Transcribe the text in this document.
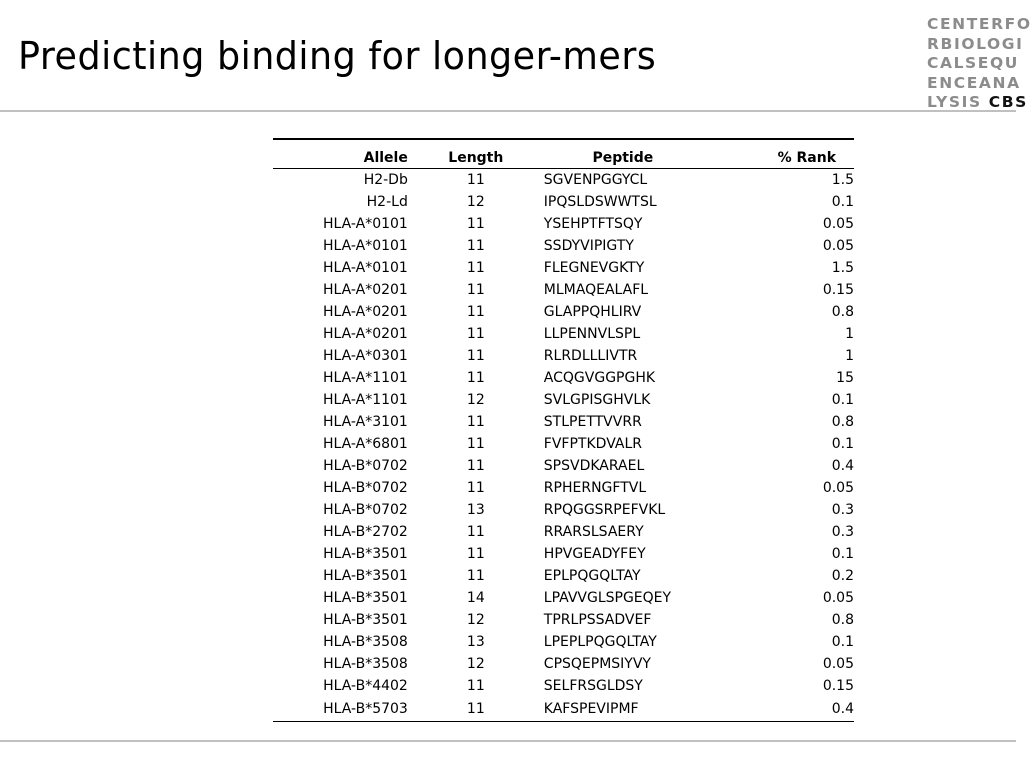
Predicting binding for longer-mers
CENTERFO
RBIOLOGI
CALSEQU
ENCEANA
LYSIS CBS
Allele	Length	Peptide	% Rank
H2-Db	11	SGVENPGGYCL	1.5
H2-Ld	12	IPQSLDSWWTSL	0.1
HLA-A*0101	11	YSEHPTFTSQY	0.05
HLA-A*0101	11	SSDYVIPIGTY	0.05
HLA-A*0101	11	FLEGNEVGKTY	1.5
HLA-A*0201	11	MLMAQEALAFL	0.15
HLA-A*0201	11	GLAPPQHLIRV	0.8
HLA-A*0201	11	LLPENNVLSPL	1
HLA-A*0301	11	RLRDLLLIVTR	1
HLA-A*1101	11	ACQGVGGPGHK	15
HLA-A*1101	12	SVLGPISGHVLK	0.1
HLA-A*3101	11	STLPETTVVRR	0.8
HLA-A*6801	11	FVFPTKDVALR	0.1
HLA-B*0702	11	SPSVDKARAEL	0.4
HLA-B*0702	11	RPHERNGFTVL	0.05
HLA-B*0702	13	RPQGGSRPEFVKL	0.3
HLA-B*2702	11	RRARSLSAERY	0.3
HLA-B*3501	11	HPVGEADYFEY	0.1
HLA-B*3501	11	EPLPQGQLTAY	0.2
HLA-B*3501	14	LPAVVGLSPGEQEY	0.05
HLA-B*3501	12	TPRLPSSADVEF	0.8
HLA-B*3508	13	LPEPLPQGQLTAY	0.1
HLA-B*3508	12	CPSQEPMSIYVY	0.05
HLA-B*4402	11	SELFRSGLDSY	0.15
HLA-B*5703	11	KAFSPEVIPMF	0.4
